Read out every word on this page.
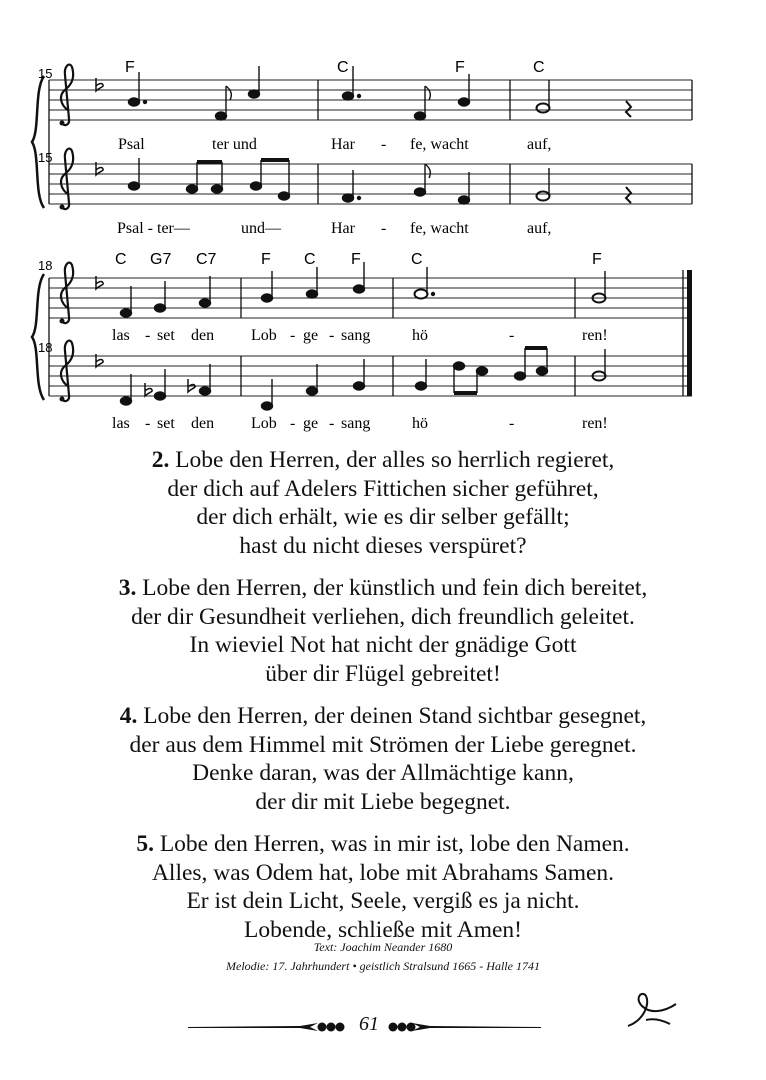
15
15
F	C	F	C
Psal	ter und	Har - fe, wacht	auf,
Psal - ter—	und—	Har - fe, wacht	auf,
18
18
C G7 C7	F C F	C	F
las - set den Lob - ge - sang	hö	-	ren!
las - set den Lob - ge - sang	hö	-	ren!
2. Lobe den Herren, der alles so herrlich regieret,
der dich auf Adelers Fittichen sicher geführet,
der dich erhält, wie es dir selber gefällt;
hast du nicht dieses verspüret?
3. Lobe den Herren, der künstlich und fein dich bereitet,
der dir Gesundheit verliehen, dich freundlich geleitet.
In wieviel Not hat nicht der gnädige Gott
über dir Flügel gebreitet!
4. Lobe den Herren, der deinen Stand sichtbar gesegnet,
der aus dem Himmel mit Strömen der Liebe geregnet.
Denke daran, was der Allmächtige kann,
der dir mit Liebe begegnet.
5. Lobe den Herren, was in mir ist, lobe den Namen.
Alles, was Odem hat, lobe mit Abrahams Samen.
Er ist dein Licht, Seele, vergiß es ja nicht.
Lobende, schließe mit Amen!
Text: Joachim Neander 1680
Melodie: 17. Jahrhundert • geistlich Stralsund 1665 - Halle 1741
61
